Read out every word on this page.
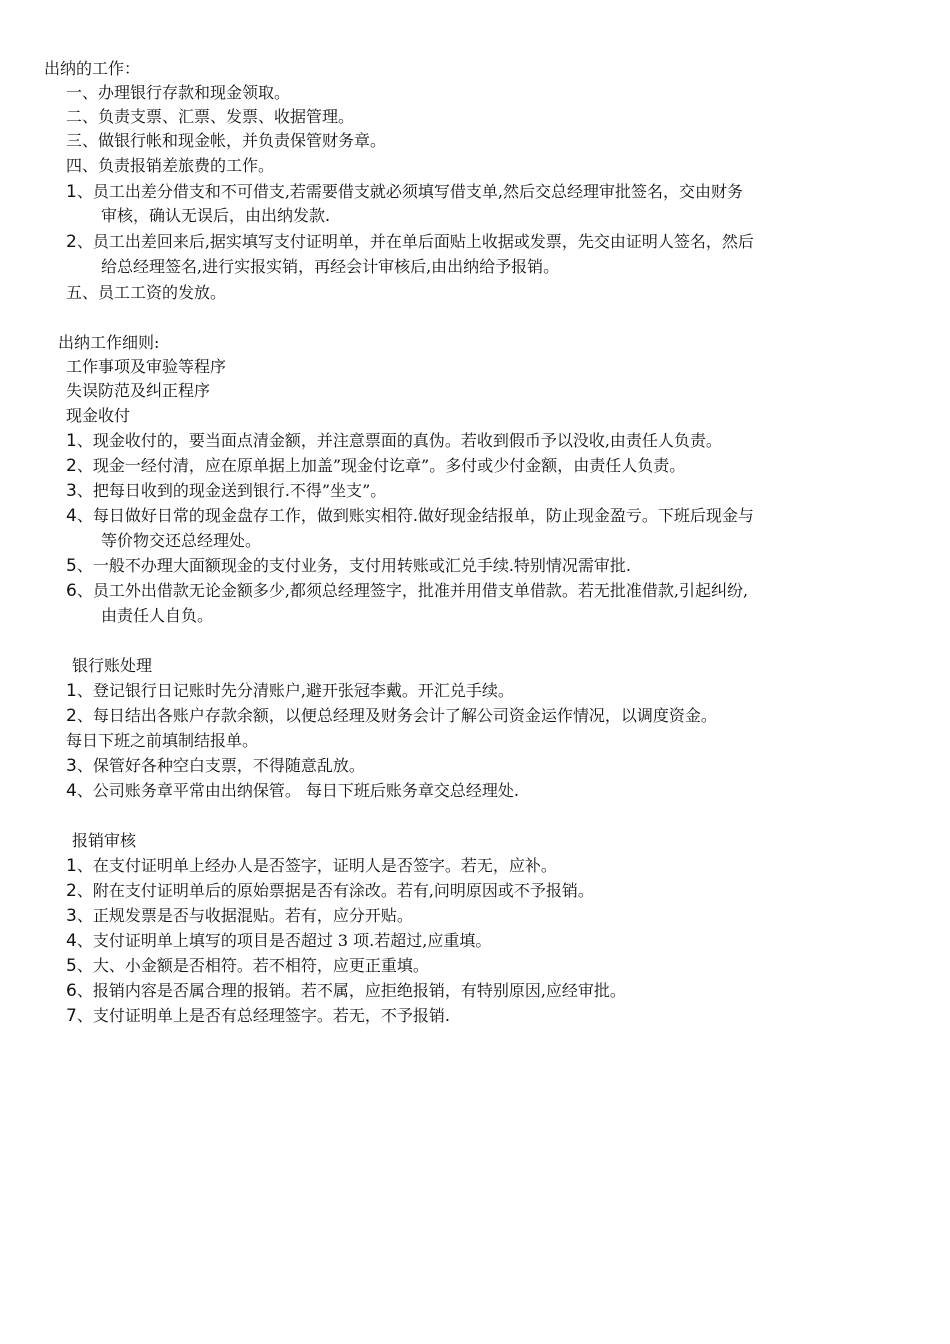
出纳的工作：
一、办理银行存款和现金领取。
二、负责支票、汇票、发票、收据管理。
三、做银行帐和现金帐，并负责保管财务章。
四、负责报销差旅费的工作。
1、员工出差分借支和不可借支,若需要借支就必须填写借支单,然后交总经理审批签名，交由财务
审核，确认无误后，由出纳发款.
2、员工出差回来后,据实填写支付证明单，并在单后面贴上收据或发票，先交由证明人签名，然后
给总经理签名,进行实报实销，再经会计审核后,由出纳给予报销。
五、员工工资的发放。
出纳工作细则:
工作事项及审验等程序
失误防范及纠正程序
现金收付
1、现金收付的，要当面点清金额，并注意票面的真伪。若收到假币予以没收,由责任人负责。
2、现金一经付清，应在原单据上加盖”现金付讫章”。多付或少付金额，由责任人负责。
3、把每日收到的现金送到银行.不得”坐支”。
4、每日做好日常的现金盘存工作，做到账实相符.做好现金结报单，防止现金盈亏。下班后现金与
等价物交还总经理处。
5、一般不办理大面额现金的支付业务，支付用转账或汇兑手续.特别情况需审批.
6、员工外出借款无论金额多少,都须总经理签字，批准并用借支单借款。若无批准借款,引起纠纷,
由责任人自负。
银行账处理
1、登记银行日记账时先分清账户,避开张冠李戴。开汇兑手续。
2、每日结出各账户存款余额，以便总经理及财务会计了解公司资金运作情况，以调度资金。
每日下班之前填制结报单。
3、保管好各种空白支票，不得随意乱放。
4、公司账务章平常由出纳保管。 每日下班后账务章交总经理处.
报销审核
1、在支付证明单上经办人是否签字，证明人是否签字。若无，应补。
2、附在支付证明单后的原始票据是否有涂改。若有,问明原因或不予报销。
3、正规发票是否与收据混贴。若有，应分开贴。
4、支付证明单上填写的项目是否超过 3 项.若超过,应重填。
5、大、小金额是否相符。若不相符，应更正重填。
6、报销内容是否属合理的报销。若不属，应拒绝报销，有特别原因,应经审批。
7、支付证明单上是否有总经理签字。若无，不予报销.
